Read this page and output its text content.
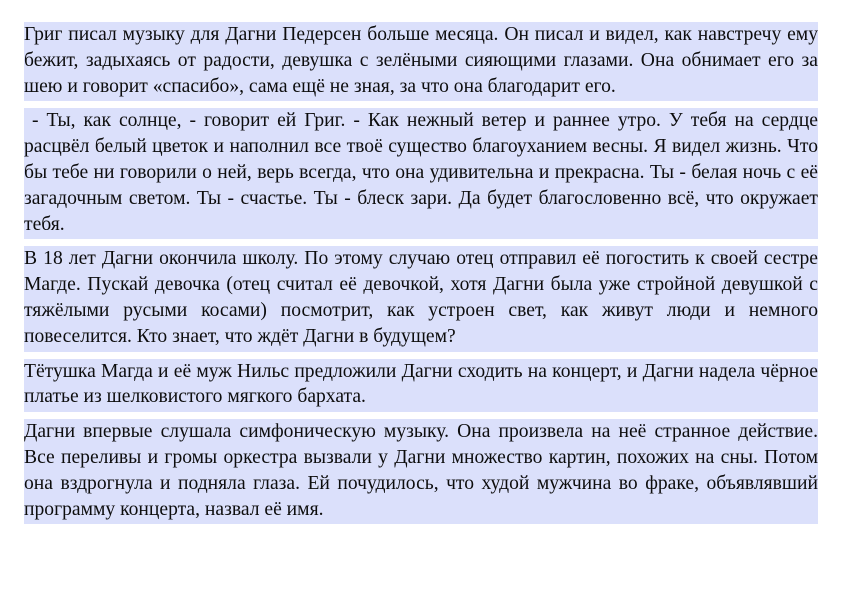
Григ писал музыку для Дагни Педерсен больше месяца. Он писал и видел, как навстречу ему бежит, задыхаясь от радости, девушка с зелёными сияющими глазами. Она обнимает его за шею и говорит «спасибо», сама ещё не зная, за что она благодарит его.

- Ты, как солнце, - говорит ей Григ. - Как нежный ветер и раннее утро. У тебя на сердце расцвёл белый цветок и наполнил все твоё существо благоуханием весны. Я видел жизнь. Что бы тебе ни говорили о ней, верь всегда, что она удивительна и прекрасна. Ты - белая ночь с её загадочным светом. Ты - счастье. Ты - блеск зари. Да будет благословенно всё, что окружает тебя.

В 18 лет Дагни окончила школу. По этому случаю отец отправил её погостить к своей сестре Магде. Пускай девочка (отец считал её девочкой, хотя Дагни была уже стройной девушкой с тяжёлыми русыми косами) посмотрит, как устроен свет, как живут люди и немного повеселится. Кто знает, что ждёт Дагни в будущем?

Тётушка Магда и её муж Нильс предложили Дагни сходить на концерт, и Дагни надела чёрное платье из шелковистого мягкого бархата.

Дагни впервые слушала симфоническую музыку. Она произвела на неё странное действие. Все переливы и громы оркестра вызвали у Дагни множество картин, похожих на сны. Потом она вздрогнула и подняла глаза. Ей почудилось, что худой мужчина во фраке, объявлявший программу концерта, назвал её имя.
